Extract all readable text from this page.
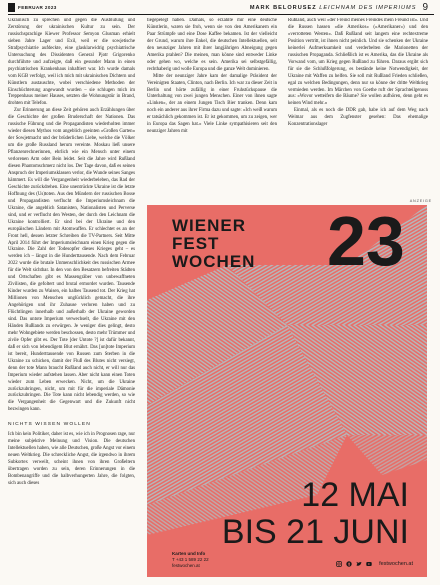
FEBRUAR 2023	MARK BELORUSEZ LEICHNAM DES IMPERIUMS 9

Ukrainisch zu sprechen und gegen die Ausblutung und Zerstörung der ukrainischen Kultur zu sein. Der russischsprachige Kiewer Professor Semyon Glusman erhielt sieben Jahre Lager und Exil, weil er die sowjetische Strafpsychiatrie aufdeckte, eine glasklarwidrig psychiatrische Untersuchung des Dissidenten General Pjotr Grigorenko durchführte und aufzeigte, daß ein gesunder Mann in einen psychiatrischen Krankenhaus inhaftiert war. Ich wurde damals vom KGB verfolgt, weil ich mich mit ukrainischen Dichtern und Künstlern austauschte, wobei verschiedene Methoden der Einschüchterung angewandt wurden – sie schlugen mich im Treppenhaus meiner Hauses, setzten die Wohnungstür in Brand, drohten mit Telefon.

Zur Erinnerung an diese Zeit gehören auch Erzählungen über die Geschichte der großen Bruderschaft der Nationen. Das russische Führung und die Propagandisten wiederholten immer wieder diesen Mythos vom angeblich geeinten »Großen Garten« der Sowjetmacht und der brüderlichen Liebe, welche die Völker um die große Russland herum vereinte. Moskau ließ unsere Pflanzenrechnerinnen, ehrlich wie ein Mensch unter einem verlorenen Arm oder Bein leidet. Seit die Jahre wird Rußland diesen Phantomschmerz nicht los. Der Tage davon, daß es seinen Anspruch der Imperiumsklassen verlor, die Wunde seines Sanges hämmert. Es will die Vergangenheit wiederbeleben, das Rad der Geschichte zurückdrehen. Eine unentrückte Ukraine ist die letzte Hoffnung des (Us)toten. Aus den Mündern der russischen Bosse und Propagandisten verflucht die Imperiumsleichnam die Ukraine, die angeblich Satanisten, Nationalisten und Perverse sind, und er verflucht den Westen, der durch den Leichnam die Ukraine kontrolliert. Er sind bei der Ukraine und den europäischen Ländern mit Atomwaffen. Er schlechtet es an der Front hell, dessen letzter Schreiben die TV-Partners. Seit Mitte April 2014 führt der Imperiumsleichnam einen Krieg gegen die Ukraine. Die Zahl der Todesopfer dieses Krieges geht – es werden ich – längst in die Hunderttausende. Nach dem Februar 2022 wurde die brutale Unmenschlichkeit des russischen Armee für die Welt sichtbar. In den von den Besatzern befreiten Städten und Ortschaften gibt es Massengräber von unbewaffneten Zivilisten, die gefoltert und brutal ermordet wurden. Tausende Kinder wurden zu Waisen, ein halbes Tausend tot. Der Krieg hat Millionen von Menschen unglücklich gemacht, die ihre Angehörigen und ihr Zuhause verloren haben und zu Flüchtlingen innerhalb und außerhalb der Ukraine geworden sind. Das untote Imperium verwechselt, die Ukraine mit den Händen Rußlands zu erwürgen. Je weniger dies gelingt, desto mehr Wohngebiete werden beschossen, desto mehr Trümmer und zivile Opfer gibt es. Der Tote [der Untote ?] ist dafür bekannt, daß er sich von lebendigem Blut ernährt. Das [un]tote Imperium ist bereit, Hunderttausende von Russen zum Sterben in die Ukraine zu schicken, damit der Fluß des Blutes nicht versiegt, denn der tote Mann braucht Rußland auch nicht, er will nur das Imperium wieder aufstehen lassen. Aber nicht kann einen Toten wieder zum Leben erwecken. Nicht, um die Ukraine zurückzubringen, nicht, um mit für die imperiale Dämonie zurückzubringen. Die Tote kann nicht lebendig werden, so wie die Vergangenheit die Gegenwart und die Zukunft nicht bezwingen kann.

NICHTS WISSEN WOLLEN

Ich bin kein Politiker, daher ist es, wie ich in Prognosen rage, nur meine subjektive Meinung und Vision. Die deutschen Intellektuellen haben, wie alle Deutschen, große Angst vor einem neuen Weltkrieg. Die schreckliche Angst, die irgendwo in ihrem Subkortex verweilt, scheint ihnen von ihren Großeltern übertragen worden zu sein, deren Erinnerungen in die Bombenangriffe und die halbverhungerten Jahre, die folgten, sich auch dieses

tiegepelegt haben. Damals, so erzählte mir eine deutsche Künstlerin, waren sie froh, wenn sie von den Amerikanern ein Paar Strümpfe und eine Dose Kaffee bekamen. Ist der vielleicht der Grund, warum ihre Enkel, die deutschen Intellektuellen, seit den neunziger Jahren mit ihrer langjährigen Abneigung gegen Amerika prahlen? Die meinen, man könne sind entweder Linke oder gehen wo, welche es sein. Amerika sei selbstgefällig, rechthaberig und wolle Europa und die ganze Welt dominieren.

Mitte der neunziger Jahre kam der damalige Präsident der Vereinigten Staaten, Clinton, nach Berlin. Ich war zu dieser Zeit in Berlin und hörte zufällig in einer Fruhstückspause die Unterhaltung von zwei jungen Menschen. Einer von ihnen sagte »Linken«, der an einem Jungen Tisch Bier tranken. Denn kam noch ein anderer aus ihrer Firma dazu und sagte: »Ich weiß warum er tatsächlich gekommen ist. Er ist gekommen, um zu zeigen, wer in Europa das Sagen hat.« Viele Linke sympathisieren seit den neunziger Jahren mit

Rußland, auch weil »der Freind meines Freindes mein Freund ist«. Und die Russen hassen »die Amerikos« (»Amerikaner«) und den »verrotteten Westen«. Daß Rußland seit langem eine rechtextreme Position vertritt, ist ihnen nicht peinlich. Und sie schenken der Ukraine keinerlei Aufmerksamkeit und verderbelten die Marionetten der russischen Propaganda. Schließlich ist es Amerika, das die Ukraine als Vorwand vom, um Krieg gegen Rußland zu führen. Daraus ergibt sich für sie die Schlußfolgerung, es bestände keine Notwendigkeit, der Ukraine mit Waffen zu helfen. Sie soll mit Rußland Frieden schließen, egal zu welchen Bedingungen, denn nur so könne der dritte Weltkrieg vermieden werden. Im Märchen von Goethe ruft der Sprachteilgenoss aus: »Wovor wetteifern die Bäume? Sie wollen aufhören, denn geht es keinen Wind mehr.«

Einmal, als es noch die DDR gab, habe ich auf dem Weg nach Weimar aus dem Zugfenster gesehen: Das ehemalige Konzentrationslager

ANZEIGE
WIENER
FEST
WOCHEN 23
12 MAI
BIS 21 JUNI
Karten und Info
T +43 1 589 22 22
festwochen.at	festwochen.at
